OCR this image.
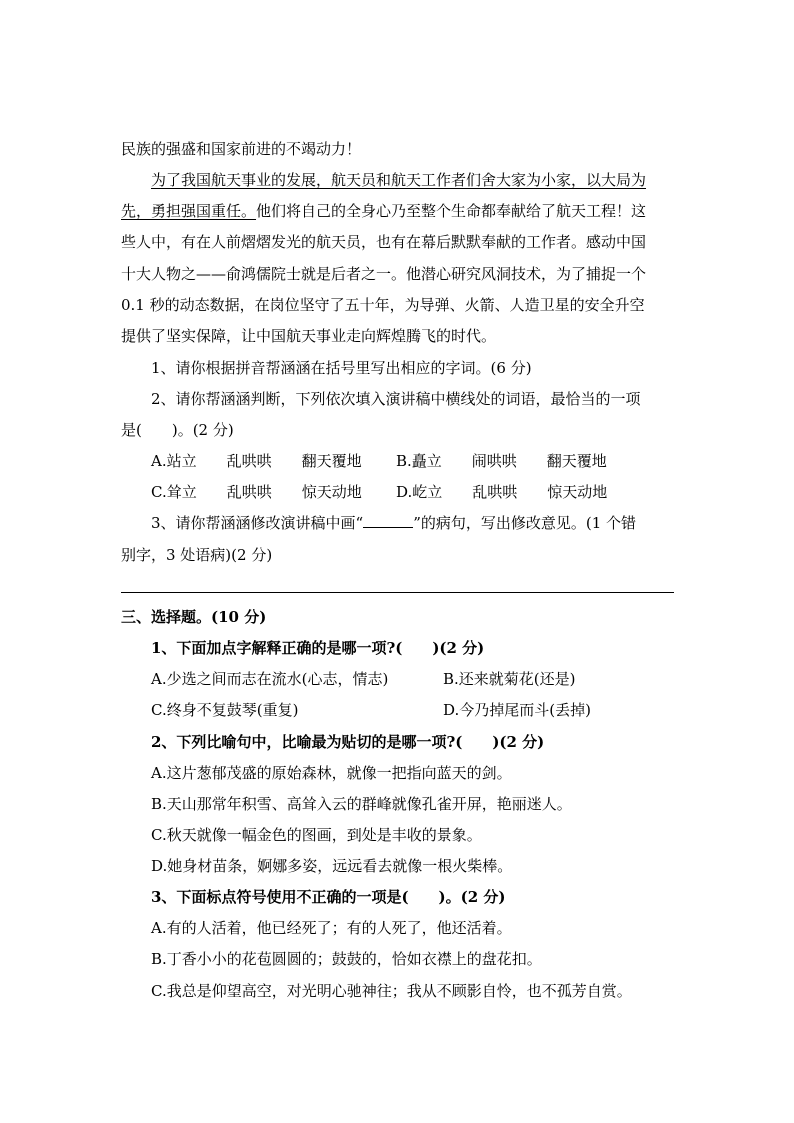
民族的强盛和国家前进的不竭动力！
为了我国航天事业的发展，航天员和航天工作者们舍大家为小家，以大局为
先，勇担强国重任。他们将自己的全身心乃至整个生命都奉献给了航天工程！这
些人中，有在人前熠熠发光的航天员，也有在幕后默默奉献的工作者。感动中国
十大人物之——俞鸿儒院士就是后者之一。他潜心研究风洞技术，为了捕捉一个
0.1 秒的动态数据，在岗位坚守了五十年，为导弹、火箭、人造卫星的安全升空
提供了坚实保障，让中国航天事业走向辉煌腾飞的时代。
1、请你根据拼音帮涵涵在括号里写出相应的字词。(6 分)
2、请你帮涵涵判断，下列依次填入演讲稿中横线处的词语，最恰当的一项
是(　　)。(2 分)
A.站立　　乱哄哄　　翻天覆地 B.矗立　　闹哄哄　　翻天覆地
C.耸立　　乱哄哄　　惊天动地 D.屹立　　乱哄哄　　惊天动地
3、请你帮涵涵修改演讲稿中画“	”的病句，写出修改意见。(1 个错
别字，3 处语病)(2 分)
三、选择题。(10 分)
1、下面加点字解释正确的是哪一项?(　　)(2 分)
A.少选之间而志在流水(心志，情志)	B.还来就菊花(还是)
C.终身不复鼓琴(重复)	D.今乃掉尾而斗(丢掉)
2、下列比喻句中，比喻最为贴切的是哪一项?(　　)(2 分)
A.这片葱郁茂盛的原始森林，就像一把指向蓝天的剑。
B.天山那常年积雪、高耸入云的群峰就像孔雀开屏，艳丽迷人。
C.秋天就像一幅金色的图画，到处是丰收的景象。
D.她身材苗条，婀娜多姿，远远看去就像一根火柴棒。
3、下面标点符号使用不正确的一项是(　　)。(2 分)
A.有的人活着，他已经死了；有的人死了，他还活着。
B.丁香小小的花苞圆圆的；鼓鼓的，恰如衣襟上的盘花扣。
C.我总是仰望高空，对光明心驰神往；我从不顾影自怜，也不孤芳自赏。
